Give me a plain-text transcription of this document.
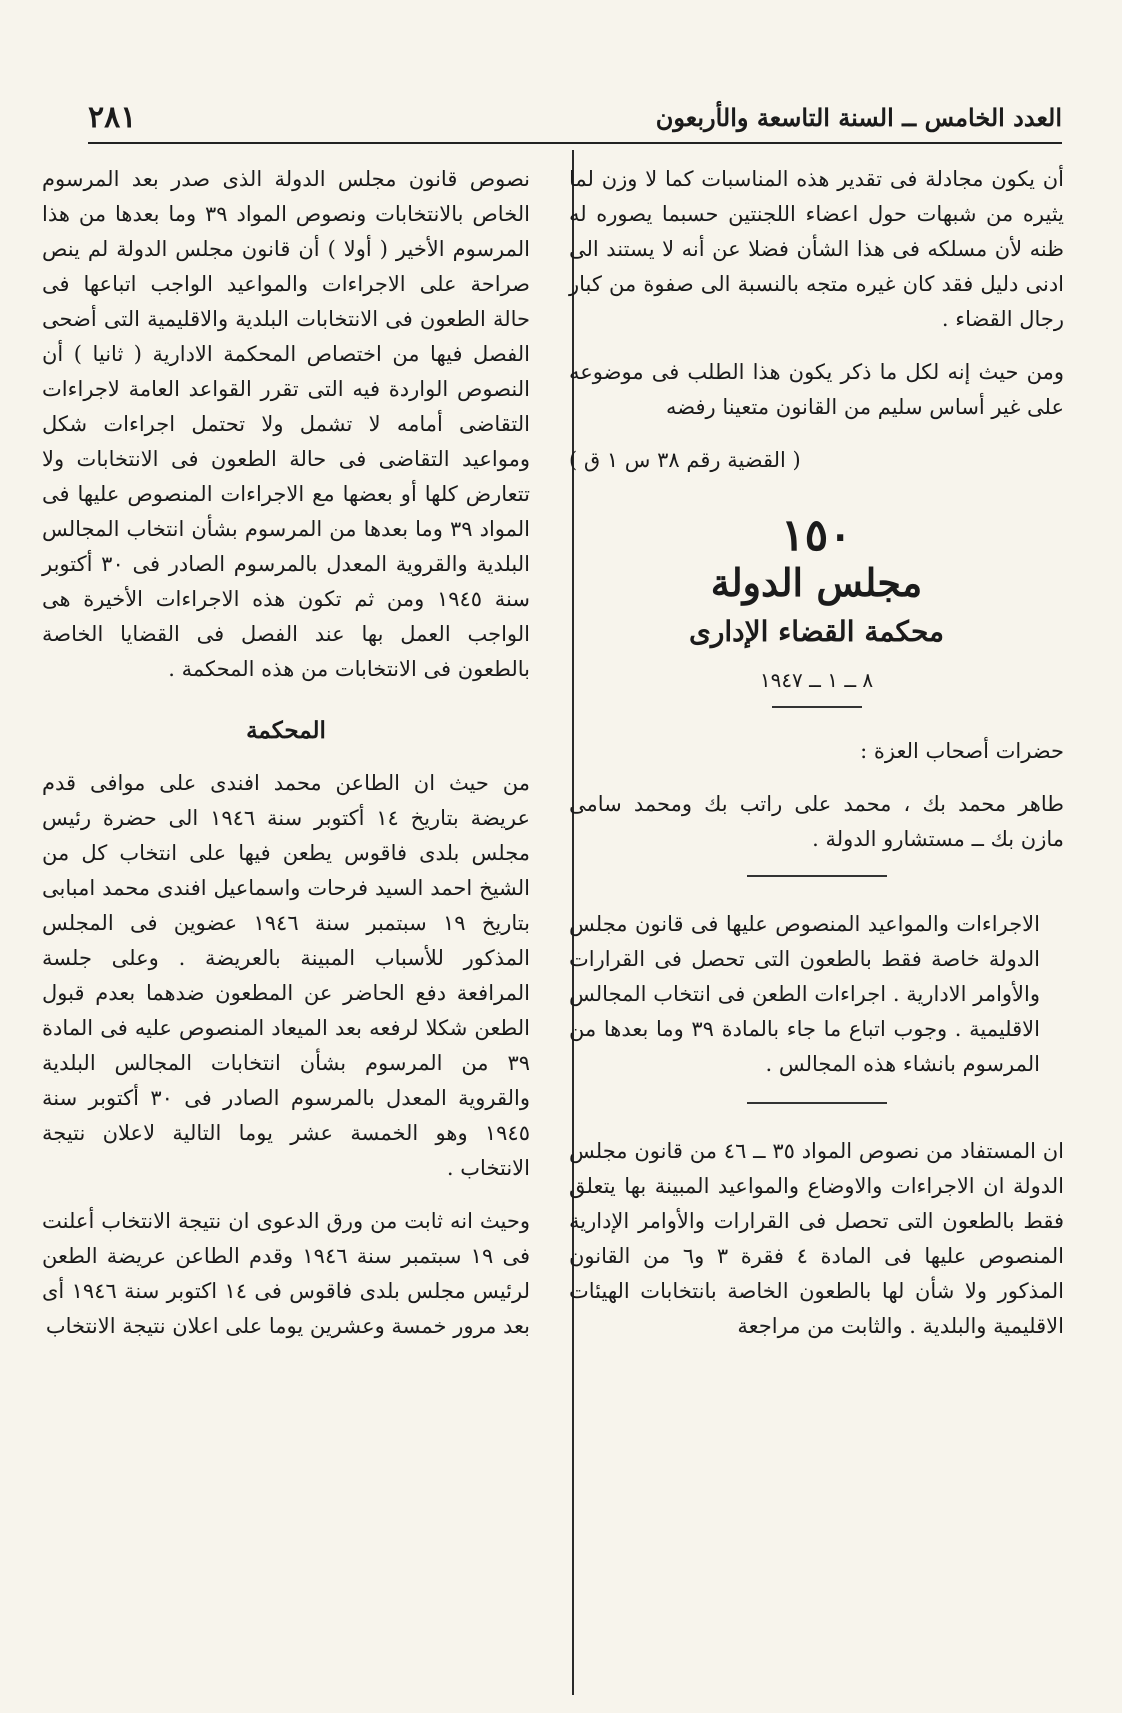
العدد الخامس ــ السنة التاسعة والأربعون
٢٨١

أن يكون مجادلة فى تقدير هذه المناسبات كما لا وزن لما يثيره من شبهات حول اعضاء اللجنتين حسبما يصوره له ظنه لأن مسلكه فى هذا الشأن فضلا عن أنه لا يستند الى ادنى دليل فقد كان غيره متجه بالنسبة الى صفوة من كبار رجال القضاء .

ومن حيث إنه لكل ما ذكر يكون هذا الطلب فى موضوعه على غير أساس سليم من القانون متعينا رفضه

( القضية رقم ٣٨ س ١ ق )

١٥٠
مجلس الدولة
محكمة القضاء الإدارى
٨ ــ ١ ــ ١٩٤٧

حضرات أصحاب العزة :

طاهر محمد بك ، محمد على راتب بك ومحمد سامى مازن بك ــ مستشارو الدولة .

الاجراءات والمواعيد المنصوص عليها فى قانون مجلس الدولة خاصة فقط بالطعون التى تحصل فى القرارات والأوامر الادارية . اجراءات الطعن فى انتخاب المجالس الاقليمية . وجوب اتباع ما جاء بالمادة ٣٩ وما بعدها من المرسوم بانشاء هذه المجالس .

ان المستفاد من نصوص المواد ٣٥ ــ ٤٦ من قانون مجلس الدولة ان الاجراءات والاوضاع والمواعيد المبينة بها يتعلق فقط بالطعون التى تحصل فى القرارات والأوامر الإدارية المنصوص عليها فى المادة ٤ فقرة ٣ و٦ من القانون المذكور ولا شأن لها بالطعون الخاصة بانتخابات الهيئات الاقليمية والبلدية . والثابت من مراجعة

نصوص قانون مجلس الدولة الذى صدر بعد المرسوم الخاص بالانتخابات ونصوص المواد ٣٩ وما بعدها من هذا المرسوم الأخير ( أولا ) أن قانون مجلس الدولة لم ينص صراحة على الاجراءات والمواعيد الواجب اتباعها فى حالة الطعون فى الانتخابات البلدية والاقليمية التى أضحى الفصل فيها من اختصاص المحكمة الادارية ( ثانيا ) أن النصوص الواردة فيه التى تقرر القواعد العامة لاجراءات التقاضى أمامه لا تشمل ولا تحتمل اجراءات شكل ومواعيد التقاضى فى حالة الطعون فى الانتخابات ولا تتعارض كلها أو بعضها مع الاجراءات المنصوص عليها فى المواد ٣٩ وما بعدها من المرسوم بشأن انتخاب المجالس البلدية والقروية المعدل بالمرسوم الصادر فى ٣٠ أكتوبر سنة ١٩٤٥ ومن ثم تكون هذه الاجراءات الأخيرة هى الواجب العمل بها عند الفصل فى القضايا الخاصة بالطعون فى الانتخابات من هذه المحكمة .

المحكمة

من حيث ان الطاعن محمد افندى على موافى قدم عريضة بتاريخ ١٤ أكتوبر سنة ١٩٤٦ الى حضرة رئيس مجلس بلدى فاقوس يطعن فيها على انتخاب كل من الشيخ احمد السيد فرحات واسماعيل افندى محمد امبابى بتاريخ ١٩ سبتمبر سنة ١٩٤٦ عضوين فى المجلس المذكور للأسباب المبينة بالعريضة . وعلى جلسة المرافعة دفع الحاضر عن المطعون ضدهما بعدم قبول الطعن شكلا لرفعه بعد الميعاد المنصوص عليه فى المادة ٣٩ من المرسوم بشأن انتخابات المجالس البلدية والقروية المعدل بالمرسوم الصادر فى ٣٠ أكتوبر سنة ١٩٤٥ وهو الخمسة عشر يوما التالية لاعلان نتيجة الانتخاب .

وحيث انه ثابت من ورق الدعوى ان نتيجة الانتخاب أعلنت فى ١٩ سبتمبر سنة ١٩٤٦ وقدم الطاعن عريضة الطعن لرئيس مجلس بلدى فاقوس فى ١٤ اكتوبر سنة ١٩٤٦ أى بعد مرور خمسة وعشرين يوما على اعلان نتيجة الانتخاب
